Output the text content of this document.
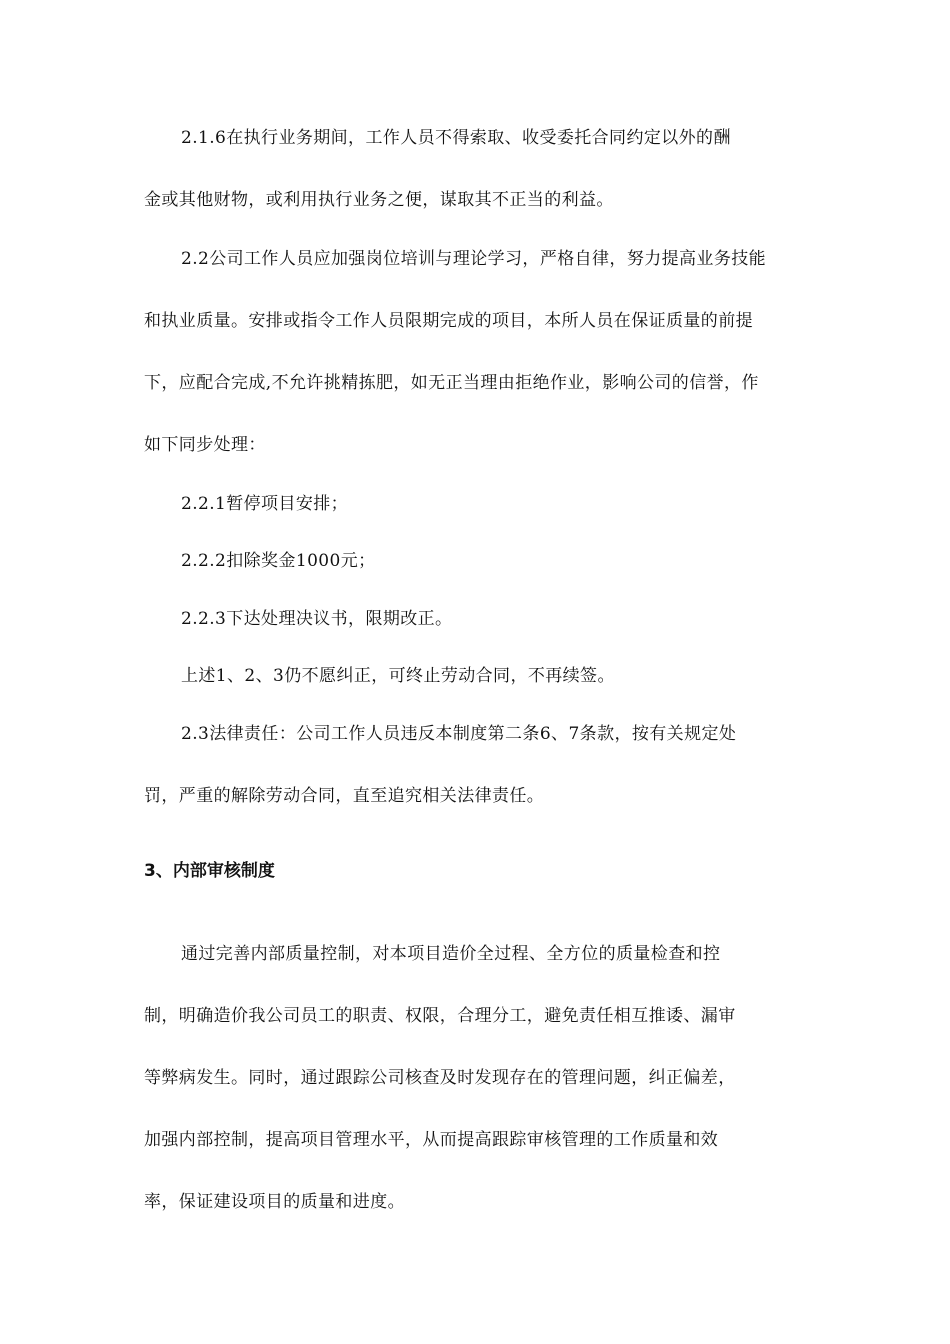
2.1.6在执行业务期间，工作人员不得索取、收受委托合同约定以外的酬
金或其他财物，或利用执行业务之便，谋取其不正当的利益。
2.2公司工作人员应加强岗位培训与理论学习，严格自律，努力提高业务技能
和执业质量。安排或指令工作人员限期完成的项目，本所人员在保证质量的前提
下，应配合完成,不允许挑精拣肥，如无正当理由拒绝作业，影响公司的信誉，作
如下同步处理：
2.2.1暂停项目安排；
2.2.2扣除奖金1000元；
2.2.3下达处理决议书，限期改正。
上述1、2、3仍不愿纠正，可终止劳动合同，不再续签。
2.3法律责任：公司工作人员违反本制度第二条6、7条款，按有关规定处
罚，严重的解除劳动合同，直至追究相关法律责任。
3、内部审核制度
通过完善内部质量控制，对本项目造价全过程、全方位的质量检查和控
制，明确造价我公司员工的职责、权限，合理分工，避免责任相互推诿、漏审
等弊病发生。同时，通过跟踪公司核查及时发现存在的管理问题，纠正偏差，
加强内部控制，提高项目管理水平，从而提高跟踪审核管理的工作质量和效
率，保证建设项目的质量和进度。
